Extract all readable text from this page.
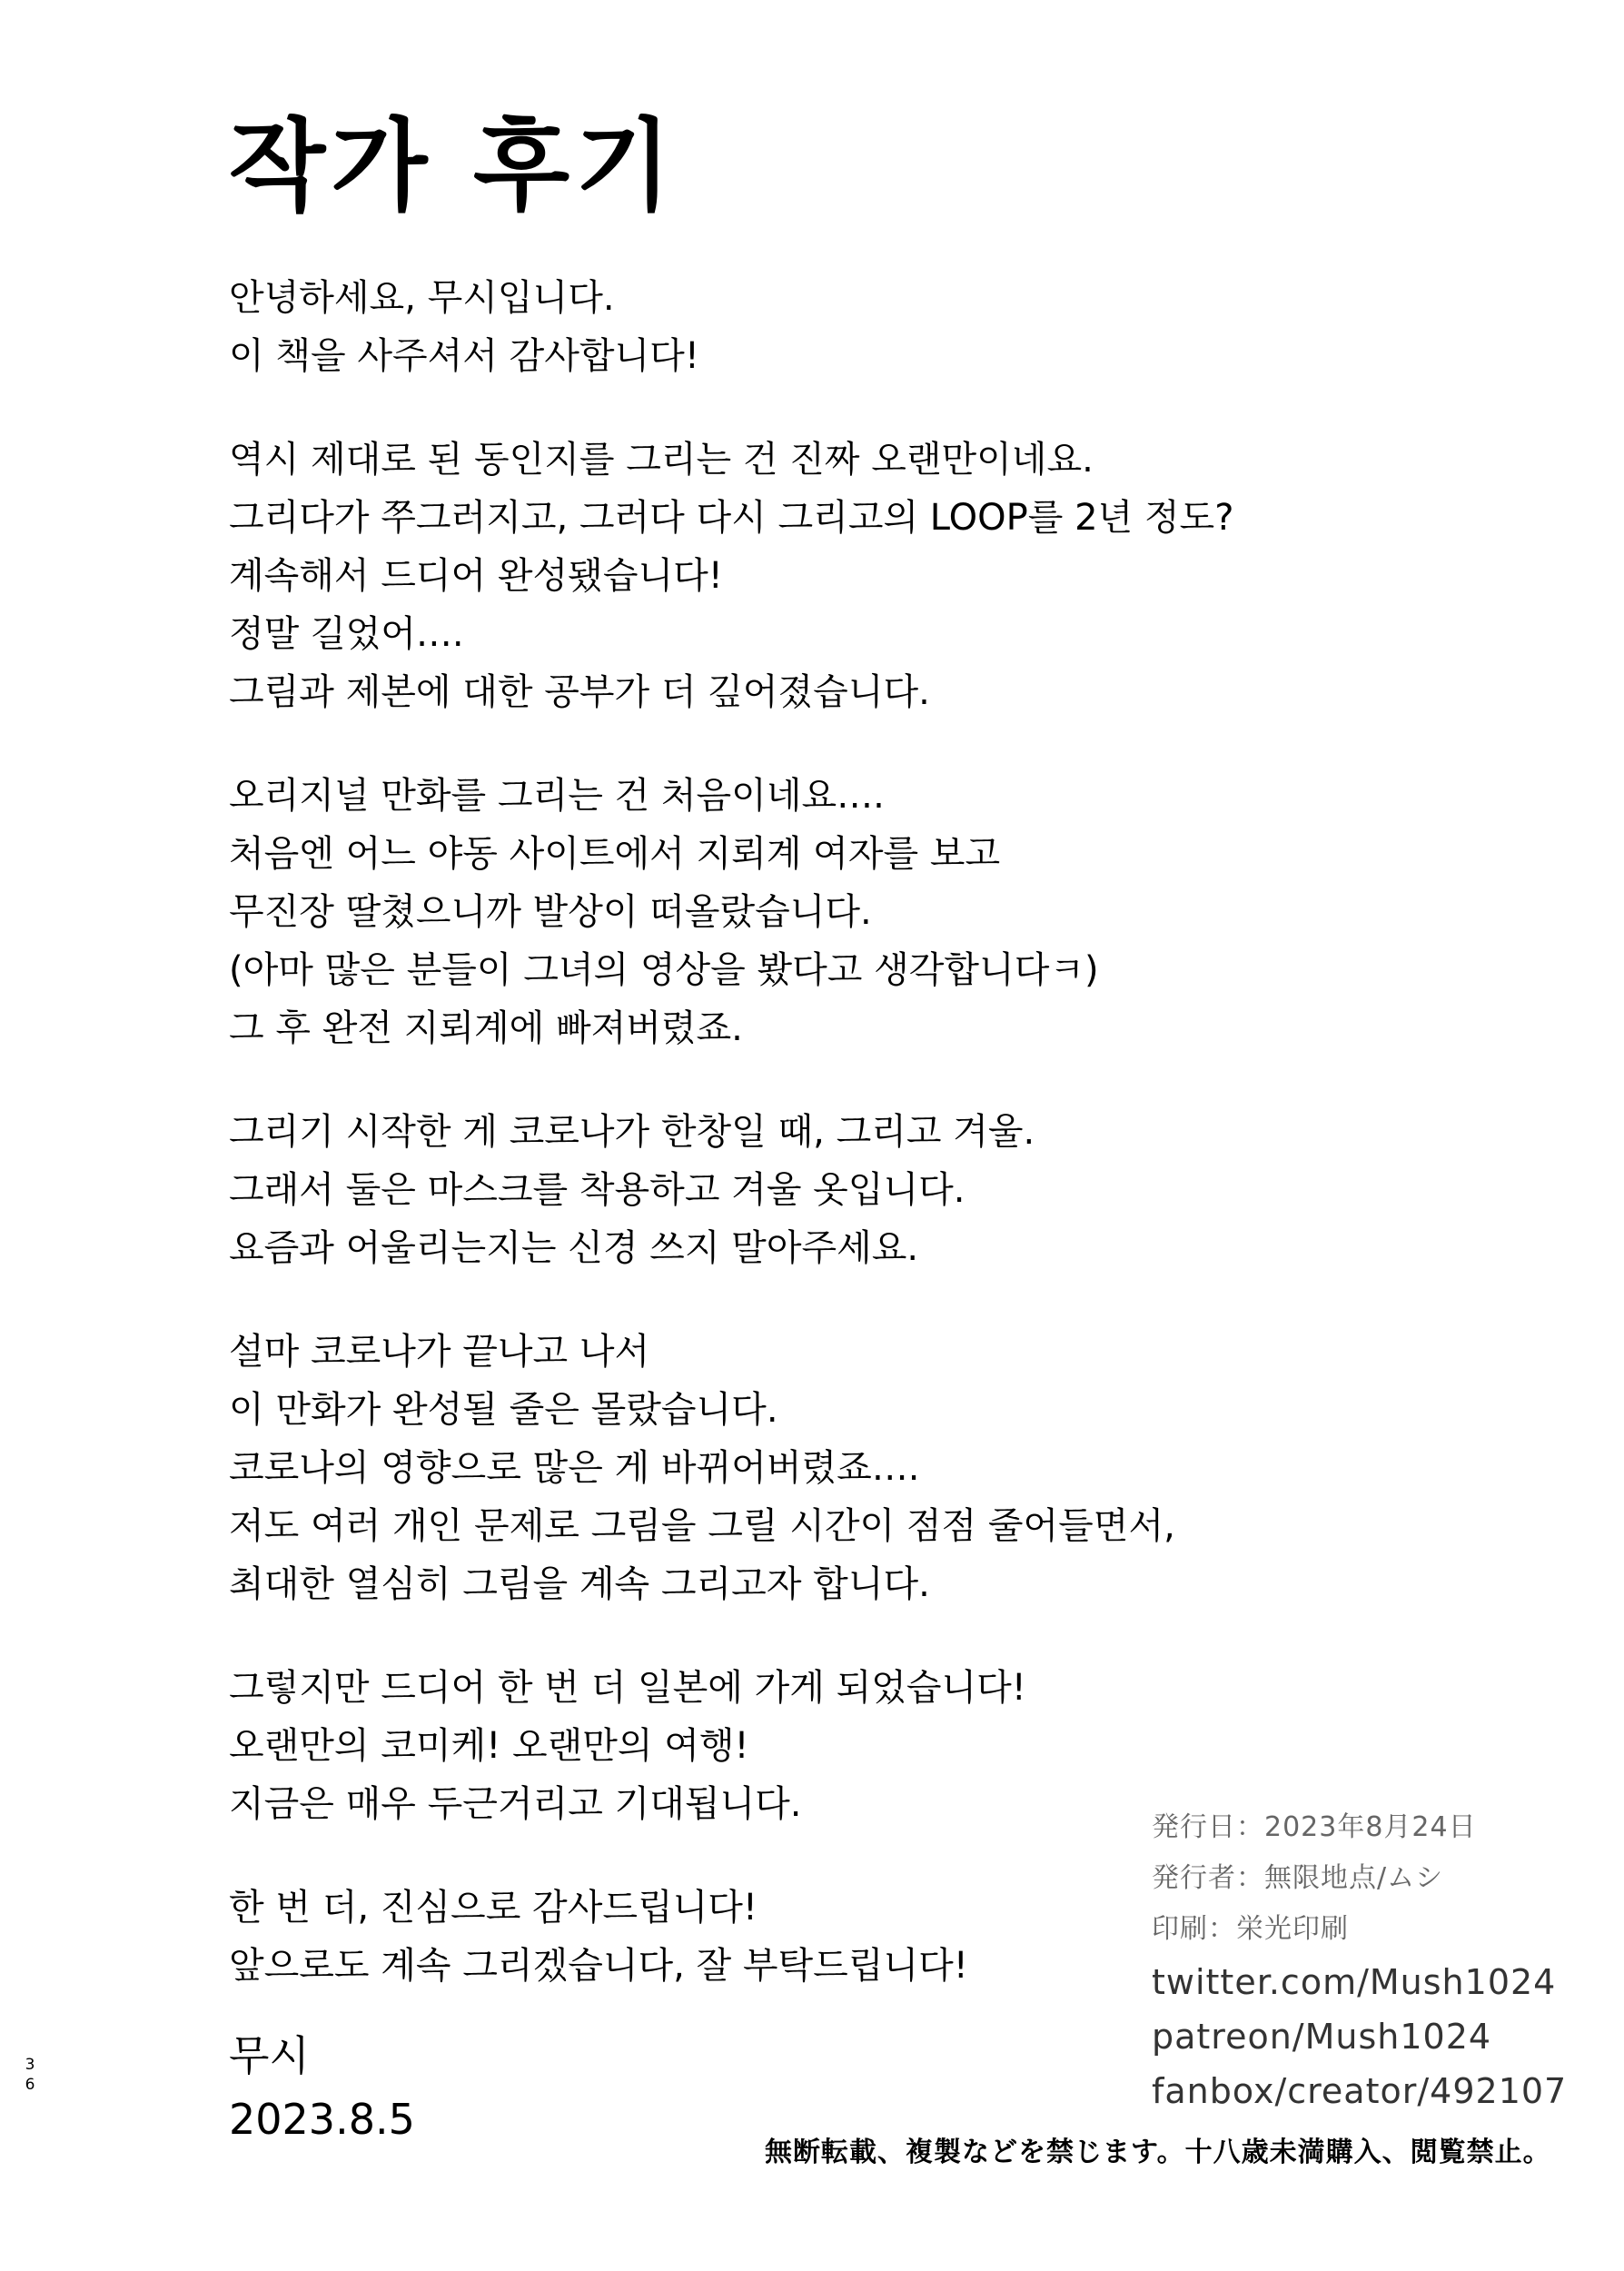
작가 후기
안녕하세요, 무시입니다.
이 책을 사주셔서 감사합니다!
역시 제대로 된 동인지를 그리는 건 진짜 오랜만이네요.
그리다가 쭈그러지고, 그러다 다시 그리고의 LOOP를 2년 정도?
계속해서 드디어 완성됐습니다!
정말 길었어….
그림과 제본에 대한 공부가 더 깊어졌습니다.
오리지널 만화를 그리는 건 처음이네요….
처음엔 어느 야동 사이트에서 지뢰계 여자를 보고
무진장 딸쳤으니까 발상이 떠올랐습니다.
(아마 많은 분들이 그녀의 영상을 봤다고 생각합니다ㅋ)
그 후 완전 지뢰계에 빠져버렸죠.
그리기 시작한 게 코로나가 한창일 때, 그리고 겨울.
그래서 둘은 마스크를 착용하고 겨울 옷입니다.
요즘과 어울리는지는 신경 쓰지 말아주세요.
설마 코로나가 끝나고 나서
이 만화가 완성될 줄은 몰랐습니다.
코로나의 영향으로 많은 게 바뀌어버렸죠….
저도 여러 개인 문제로 그림을 그릴 시간이 점점 줄어들면서,
최대한 열심히 그림을 계속 그리고자 합니다.
그렇지만 드디어 한 번 더 일본에 가게 되었습니다!
오랜만의 코미케! 오랜만의 여행!
지금은 매우 두근거리고 기대됩니다.
한 번 더, 진심으로 감사드립니다!
앞으로도 계속 그리겠습니다, 잘 부탁드립니다!
무시
2023.8.5
3
6
発行日：2023年8月24日
発行者：無限地点/ムシ
印刷：栄光印刷
twitter.com/Mush1024
patreon/Mush1024
fanbox/creator/492107
無断転載、複製などを禁じます。十八歳未満購入、閲覧禁止。
